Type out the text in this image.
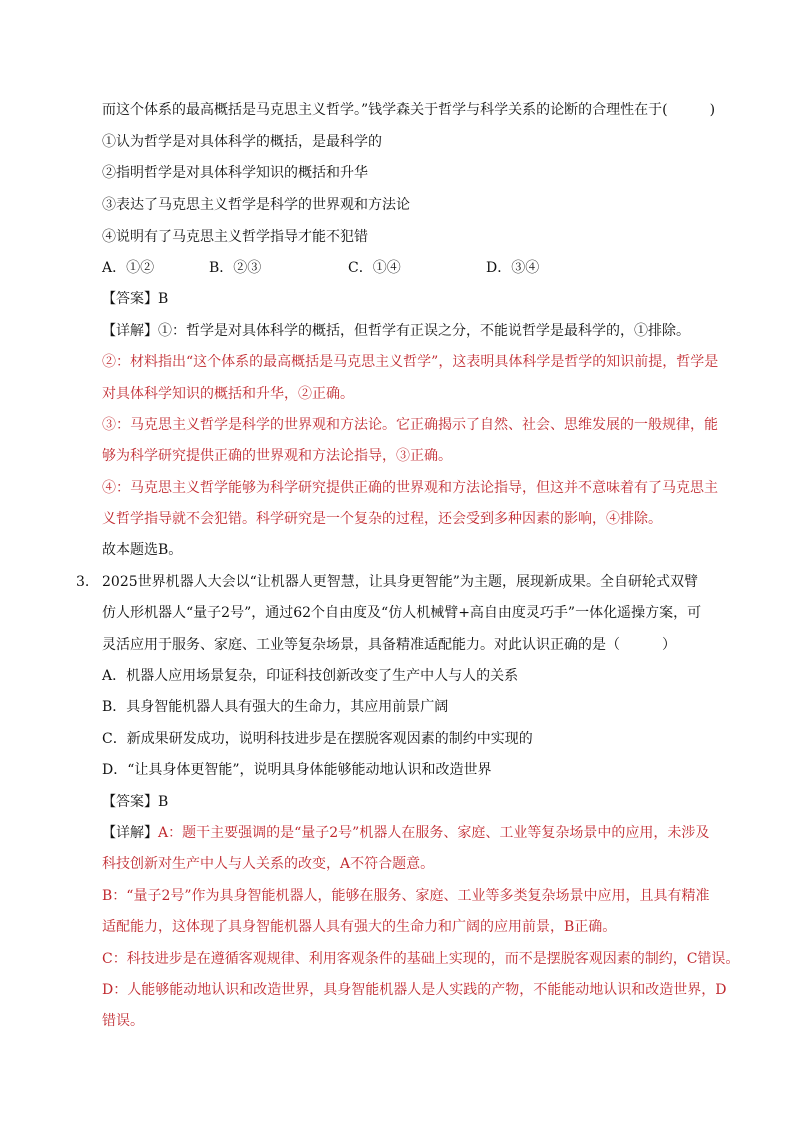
而这个体系的最高概括是马克思主义哲学。”钱学森关于哲学与科学关系的论断的合理性在于(　　　)
①认为哲学是对具体科学的概括，是最科学的
②指明哲学是对具体科学知识的概括和升华
③表达了马克思主义哲学是科学的世界观和方法论
④说明有了马克思主义哲学指导才能不犯错
A．①②	B．②③	C．①④	D．③④
【答案】B
【详解】①：哲学是对具体科学的概括，但哲学有正误之分，不能说哲学是最科学的，①排除。
②：材料指出“这个体系的最高概括是马克思主义哲学”，这表明具体科学是哲学的知识前提，哲学是
对具体科学知识的概括和升华，②正确。
③：马克思主义哲学是科学的世界观和方法论。它正确揭示了自然、社会、思维发展的一般规律，能
够为科学研究提供正确的世界观和方法论指导，③正确。
④：马克思主义哲学能够为科学研究提供正确的世界观和方法论指导，但这并不意味着有了马克思主
义哲学指导就不会犯错。科学研究是一个复杂的过程，还会受到多种因素的影响，④排除。
故本题选B。
3. 2025世界机器人大会以“让机器人更智慧，让具身更智能”为主题，展现新成果。全自研轮式双臂
仿人形机器人“量子2号”，通过62个自由度及“仿人机械臂+高自由度灵巧手”一体化遥操方案，可
灵活应用于服务、家庭、工业等复杂场景，具备精准适配能力。对此认识正确的是（　　　）
A．机器人应用场景复杂，印证科技创新改变了生产中人与人的关系
B．具身智能机器人具有强大的生命力，其应用前景广阔
C．新成果研发成功，说明科技进步是在摆脱客观因素的制约中实现的
D．“让具身体更智能”，说明具身体能够能动地认识和改造世界
【答案】B
【详解】A：题干主要强调的是“量子2号”机器人在服务、家庭、工业等复杂场景中的应用，未涉及
科技创新对生产中人与人关系的改变，A不符合题意。
B：“量子2号”作为具身智能机器人，能够在服务、家庭、工业等多类复杂场景中应用，且具有精准
适配能力，这体现了具身智能机器人具有强大的生命力和广阔的应用前景，B正确。
C：科技进步是在遵循客观规律、利用客观条件的基础上实现的，而不是摆脱客观因素的制约，C错误。
D：人能够能动地认识和改造世界，具身智能机器人是人实践的产物，不能能动地认识和改造世界，D
错误。
